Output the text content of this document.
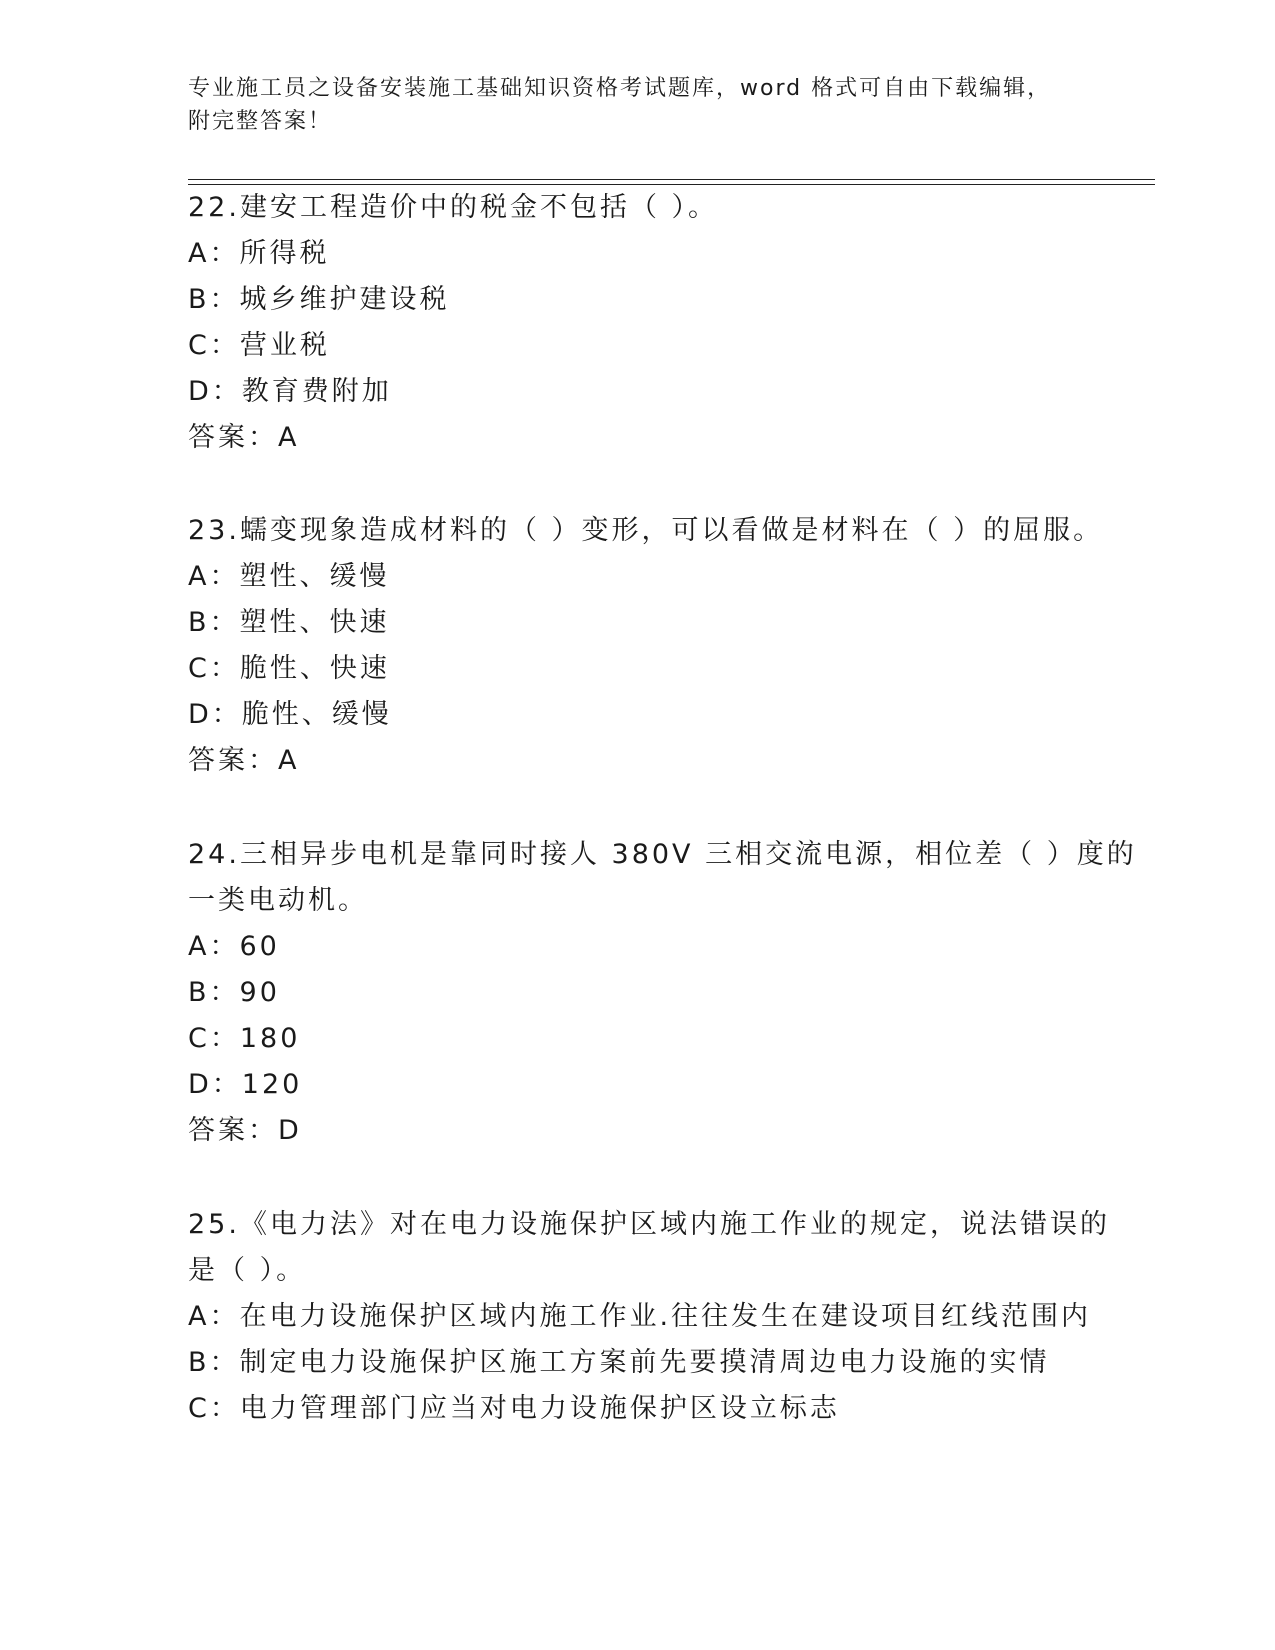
专业施工员之设备安装施工基础知识资格考试题库，word 格式可自由下载编辑，
附完整答案！
22.建安工程造价中的税金不包括（ ）。
A：所得税
B：城乡维护建设税
C：营业税
D：教育费附加
答案：A
23.蠕变现象造成材料的（ ）变形，可以看做是材料在（ ）的屈服。
A：塑性、缓慢
B：塑性、快速
C：脆性、快速
D：脆性、缓慢
答案：A
24.三相异步电机是靠同时接人 380V 三相交流电源，相位差（ ）度的
一类电动机。
A：60
B：90
C：180
D：120
答案：D
25.《电力法》对在电力设施保护区域内施工作业的规定，说法错误的
是（ ）。
A：在电力设施保护区域内施工作业.往往发生在建设项目红线范围内
B：制定电力设施保护区施工方案前先要摸清周边电力设施的实情
C：电力管理部门应当对电力设施保护区设立标志
